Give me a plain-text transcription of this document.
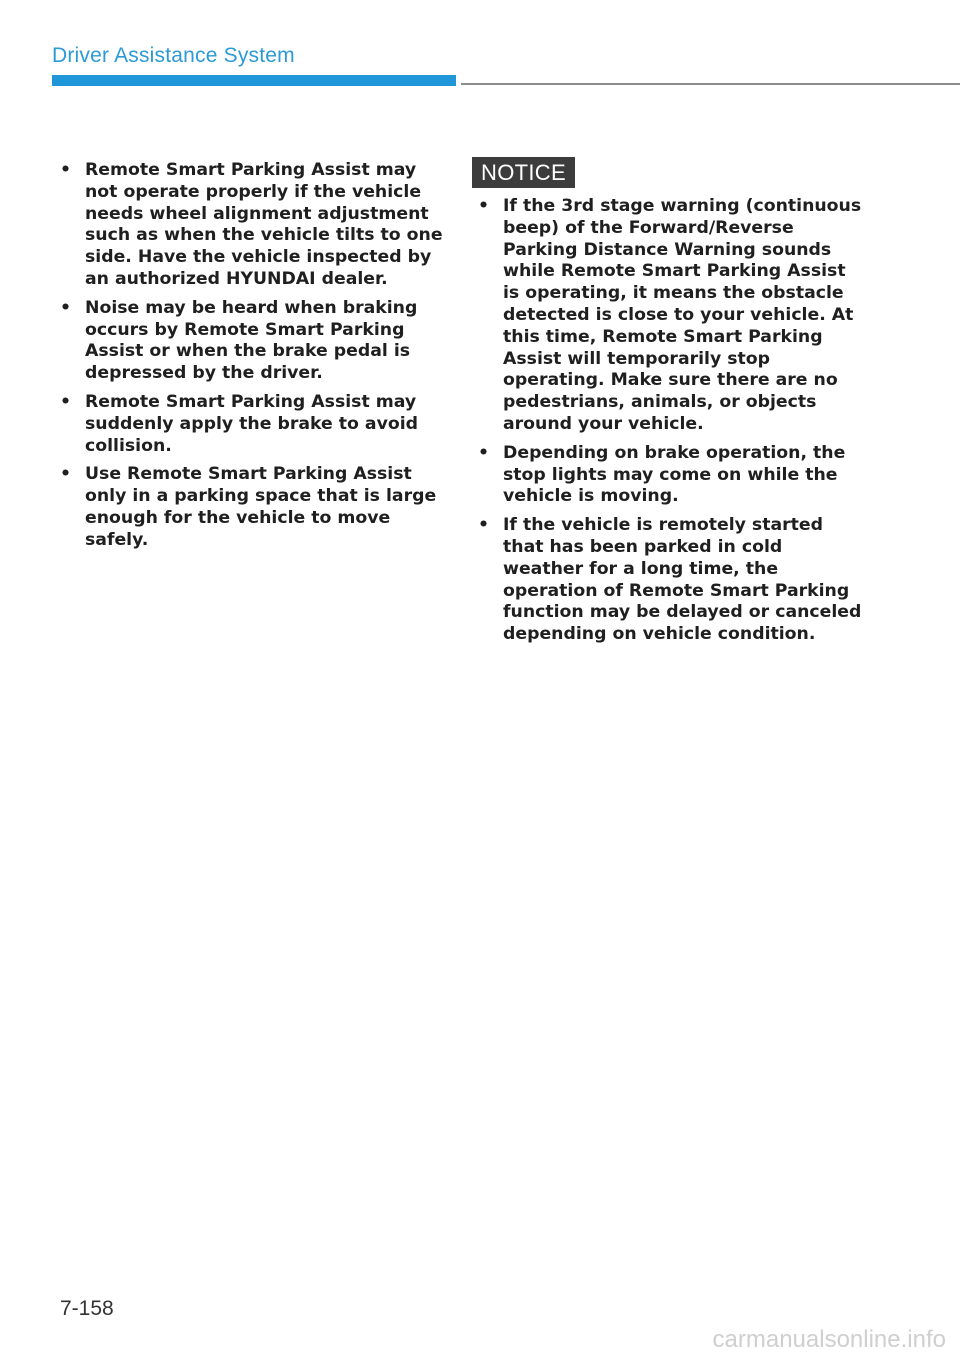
Driver Assistance System
• Remote Smart Parking Assist may not operate properly if the vehicle needs wheel alignment adjustment such as when the vehicle tilts to one side. Have the vehicle inspected by an authorized HYUNDAI dealer.
• Noise may be heard when braking occurs by Remote Smart Parking Assist or when the brake pedal is depressed by the driver.
• Remote Smart Parking Assist may suddenly apply the brake to avoid collision.
• Use Remote Smart Parking Assist only in a parking space that is large enough for the vehicle to move safely.
NOTICE
• If the 3rd stage warning (continuous beep) of the Forward/Reverse Parking Distance Warning sounds while Remote Smart Parking Assist is operating, it means the obstacle detected is close to your vehicle. At this time, Remote Smart Parking Assist will temporarily stop operating. Make sure there are no pedestrians, animals, or objects around your vehicle.
• Depending on brake operation, the stop lights may come on while the vehicle is moving.
• If the vehicle is remotely started that has been parked in cold weather for a long time, the operation of Remote Smart Parking function may be delayed or canceled depending on vehicle condition.
7-158
carmanualsonline.info
